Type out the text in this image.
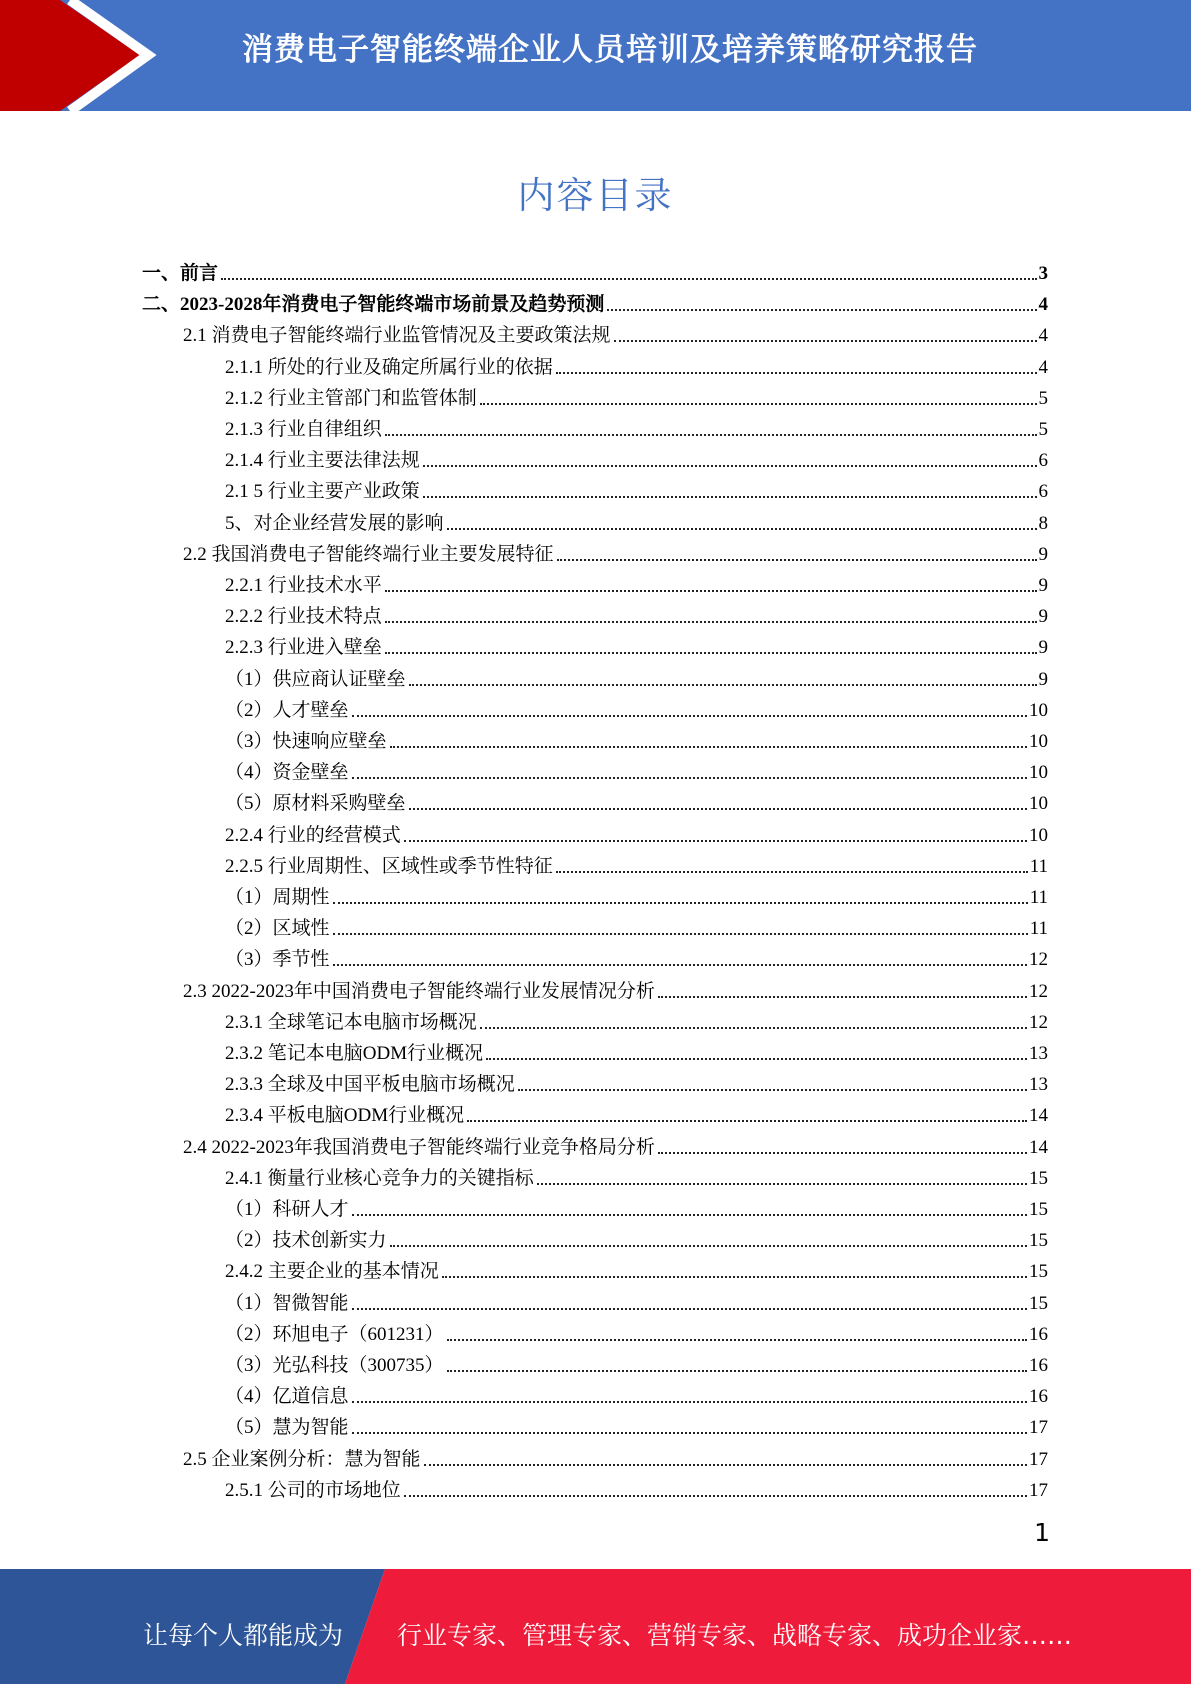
消费电子智能终端企业人员培训及培养策略研究报告
内容目录
一、前言	3
二、2023-2028年消费电子智能终端市场前景及趋势预测	4
2.1 消费电子智能终端行业监管情况及主要政策法规	4
2.1.1 所处的行业及确定所属行业的依据	4
2.1.2 行业主管部门和监管体制	5
2.1.3 行业自律组织	5
2.1.4 行业主要法律法规	6
2.1 5 行业主要产业政策	6
5、对企业经营发展的影响	8
2.2 我国消费电子智能终端行业主要发展特征	9
2.2.1 行业技术水平	9
2.2.2 行业技术特点	9
2.2.3 行业进入壁垒	9
（1）供应商认证壁垒	9
（2）人才壁垒	10
（3）快速响应壁垒	10
（4）资金壁垒	10
（5）原材料采购壁垒	10
2.2.4 行业的经营模式	10
2.2.5 行业周期性、区域性或季节性特征	11
（1）周期性	11
（2）区域性	11
（3）季节性	12
2.3 2022-2023年中国消费电子智能终端行业发展情况分析	12
2.3.1 全球笔记本电脑市场概况	12
2.3.2 笔记本电脑ODM行业概况	13
2.3.3 全球及中国平板电脑市场概况	13
2.3.4 平板电脑ODM行业概况	14
2.4 2022-2023年我国消费电子智能终端行业竞争格局分析	14
2.4.1 衡量行业核心竞争力的关键指标	15
（1）科研人才	15
（2）技术创新实力	15
2.4.2 主要企业的基本情况	15
（1）智微智能	15
（2）环旭电子（601231）	16
（3）光弘科技（300735）	16
（4）亿道信息	16
（5）慧为智能	17
2.5 企业案例分析：慧为智能	17
2.5.1 公司的市场地位	17
1
让每个人都能成为 行业专家、管理专家、营销专家、战略专家、成功企业家……
